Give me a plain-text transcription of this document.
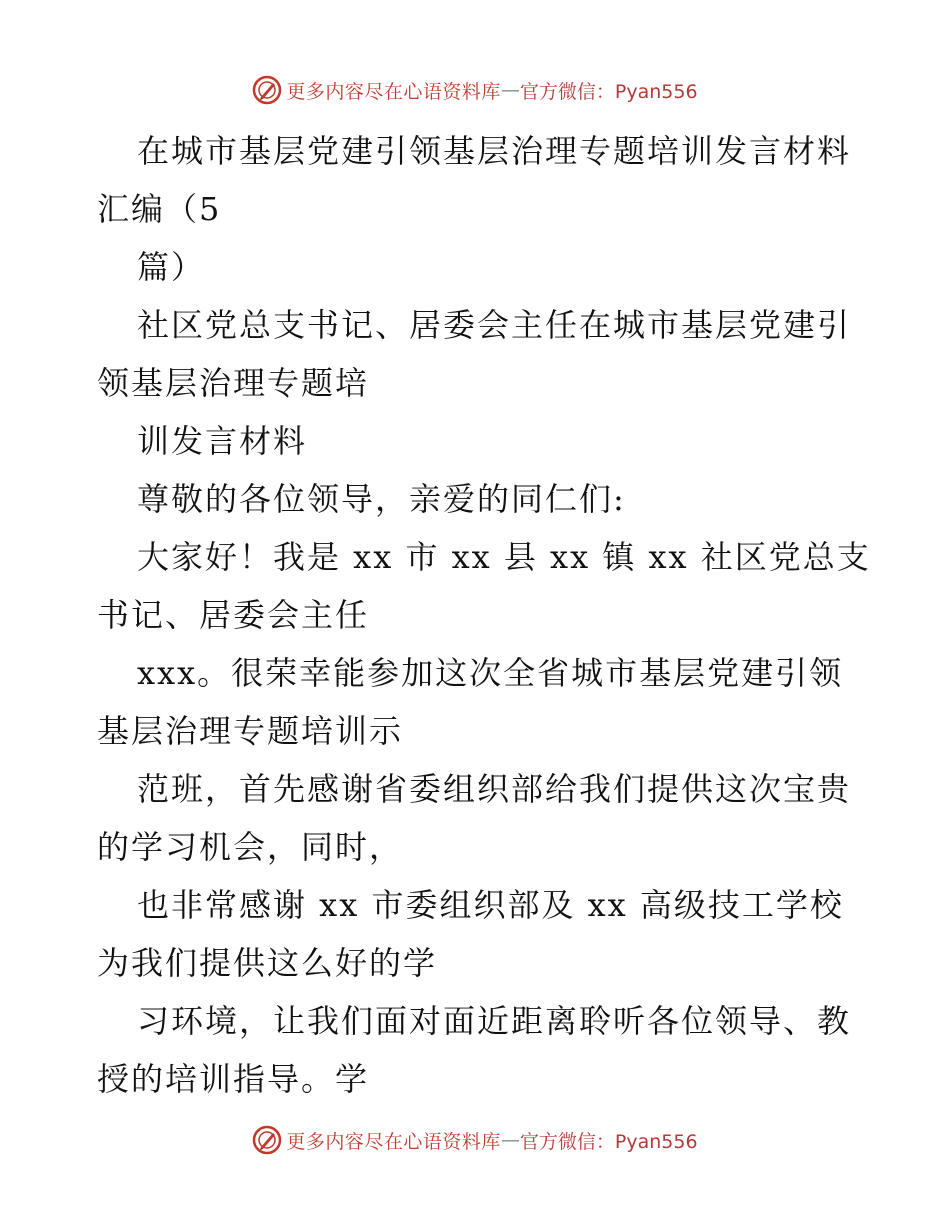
更多内容尽在心语资料库 — 官方微信：Pyan556
在城市基层党建引领基层治理专题培训发言材料
汇编（5
篇）
社区党总支书记、居委会主任在城市基层党建引
领基层治理专题培
训发言材料
尊敬的各位领导，亲爱的同仁们:
大家好！我是 xx 市 xx 县 xx 镇 xx 社区党总支
书记、居委会主任
xxx。很荣幸能参加这次全省城市基层党建引领
基层治理专题培训示
范班，首先感谢省委组织部给我们提供这次宝贵
的学习机会，同时，
也非常感谢 xx 市委组织部及 xx 高级技工学校
为我们提供这么好的学
习环境，让我们面对面近距离聆听各位领导、教
授的培训指导。学
更多内容尽在心语资料库 — 官方微信：Pyan556
